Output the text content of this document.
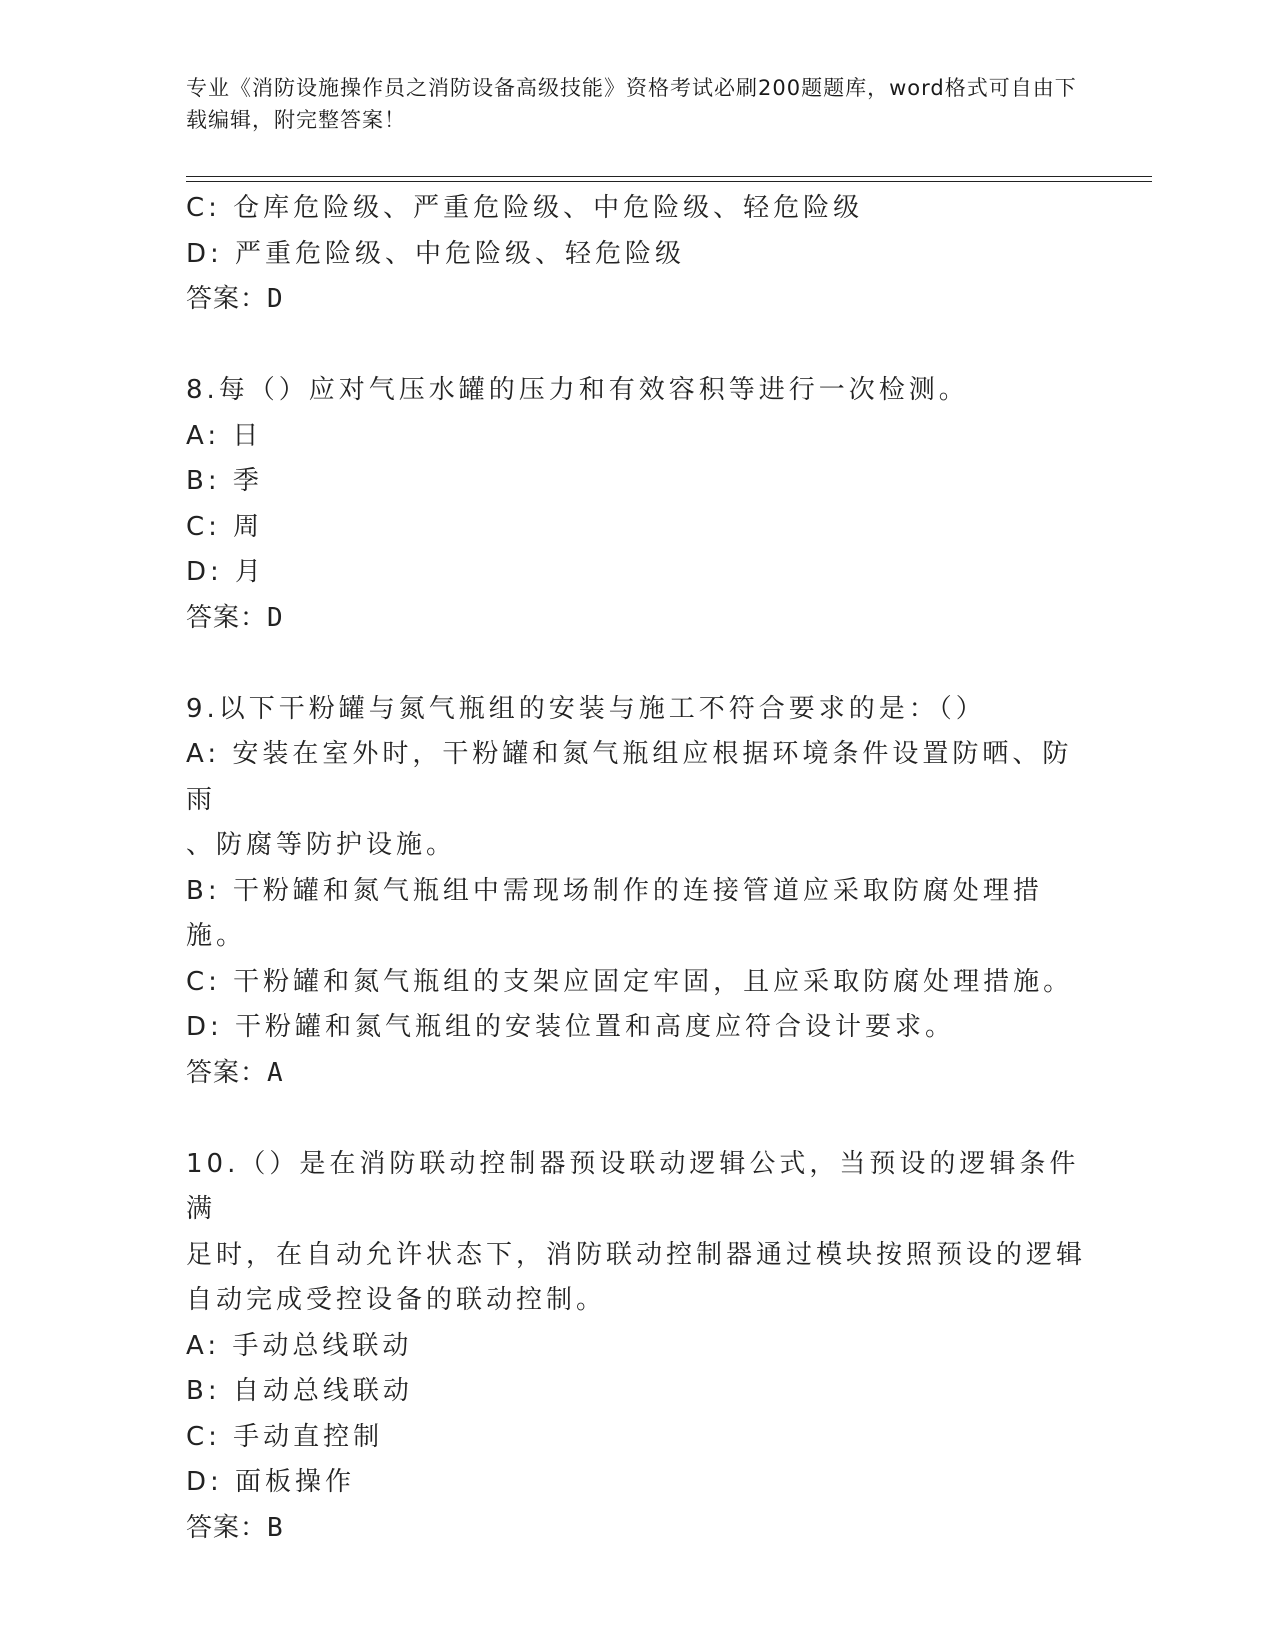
专业《消防设施操作员之消防设备高级技能》资格考试必刷200题题库，word格式可自由下载编辑，附完整答案！

C: 仓库危险级、严重危险级、中危险级、轻危险级

D: 严重危险级、中危险级、轻危险级

答案：D

8.每（）应对气压水罐的压力和有效容积等进行一次检测。

A: 日

B: 季

C: 周

D: 月

答案：D

9.以下干粉罐与氮气瓶组的安装与施工不符合要求的是：（）

A: 安装在室外时，干粉罐和氮气瓶组应根据环境条件设置防晒、防雨

、防腐等防护设施。

B: 干粉罐和氮气瓶组中需现场制作的连接管道应采取防腐处理措施。

C: 干粉罐和氮气瓶组的支架应固定牢固，且应采取防腐处理措施。

D: 干粉罐和氮气瓶组的安装位置和高度应符合设计要求。

答案：A

10.（）是在消防联动控制器预设联动逻辑公式，当预设的逻辑条件满

足时，在自动允许状态下，消防联动控制器通过模块按照预设的逻辑

自动完成受控设备的联动控制。

A: 手动总线联动

B: 自动总线联动

C: 手动直控制

D: 面板操作

答案：B
